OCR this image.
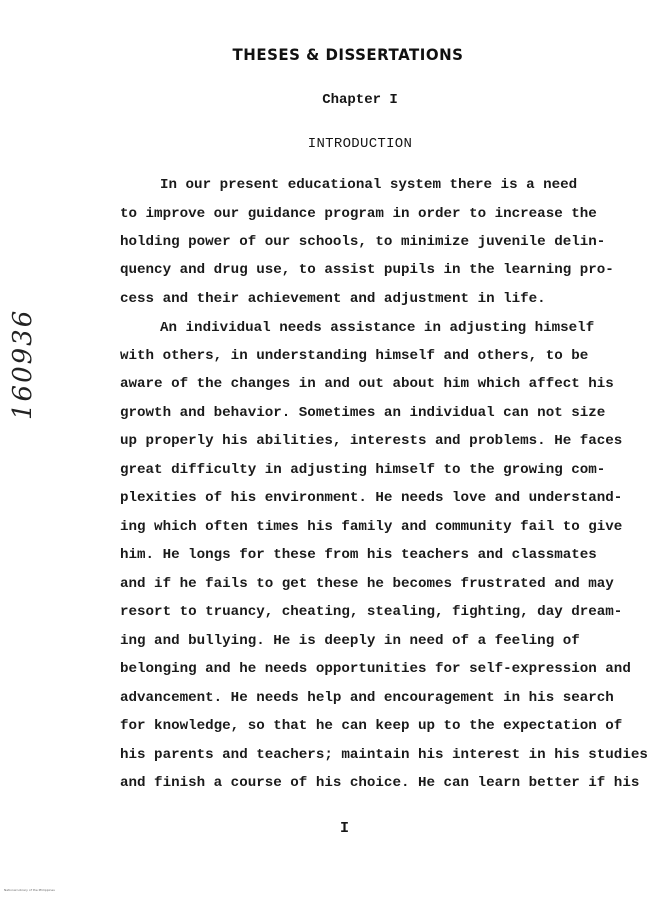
THESES & DISSERTATIONS
Chapter I
INTRODUCTION
160936
In our present educational system there is a need
to improve our guidance program in order to increase the
holding power of our schools, to minimize juvenile delin-
quency and drug use, to assist pupils in the learning pro-
cess and their achievement and adjustment in life.
An individual needs assistance in adjusting himself
with others, in understanding himself and others, to be
aware of the changes in and out about him which affect his
growth and behavior. Sometimes an individual can not size
up properly his abilities, interests and problems. He faces
great difficulty in adjusting himself to the growing com-
plexities of his environment. He needs love and understand-
ing which often times his family and community fail to give
him. He longs for these from his teachers and classmates
and if he fails to get these he becomes frustrated and may
resort to truancy, cheating, stealing, fighting, day dream-
ing and bullying. He is deeply in need of a feeling of
belonging and he needs opportunities for self-expression and
advancement. He needs help and encouragement in his search
for knowledge, so that he can keep up to the expectation of
his parents and teachers; maintain his interest in his studies
and finish a course of his choice. He can learn better if his
I
National Library of the Philippines
